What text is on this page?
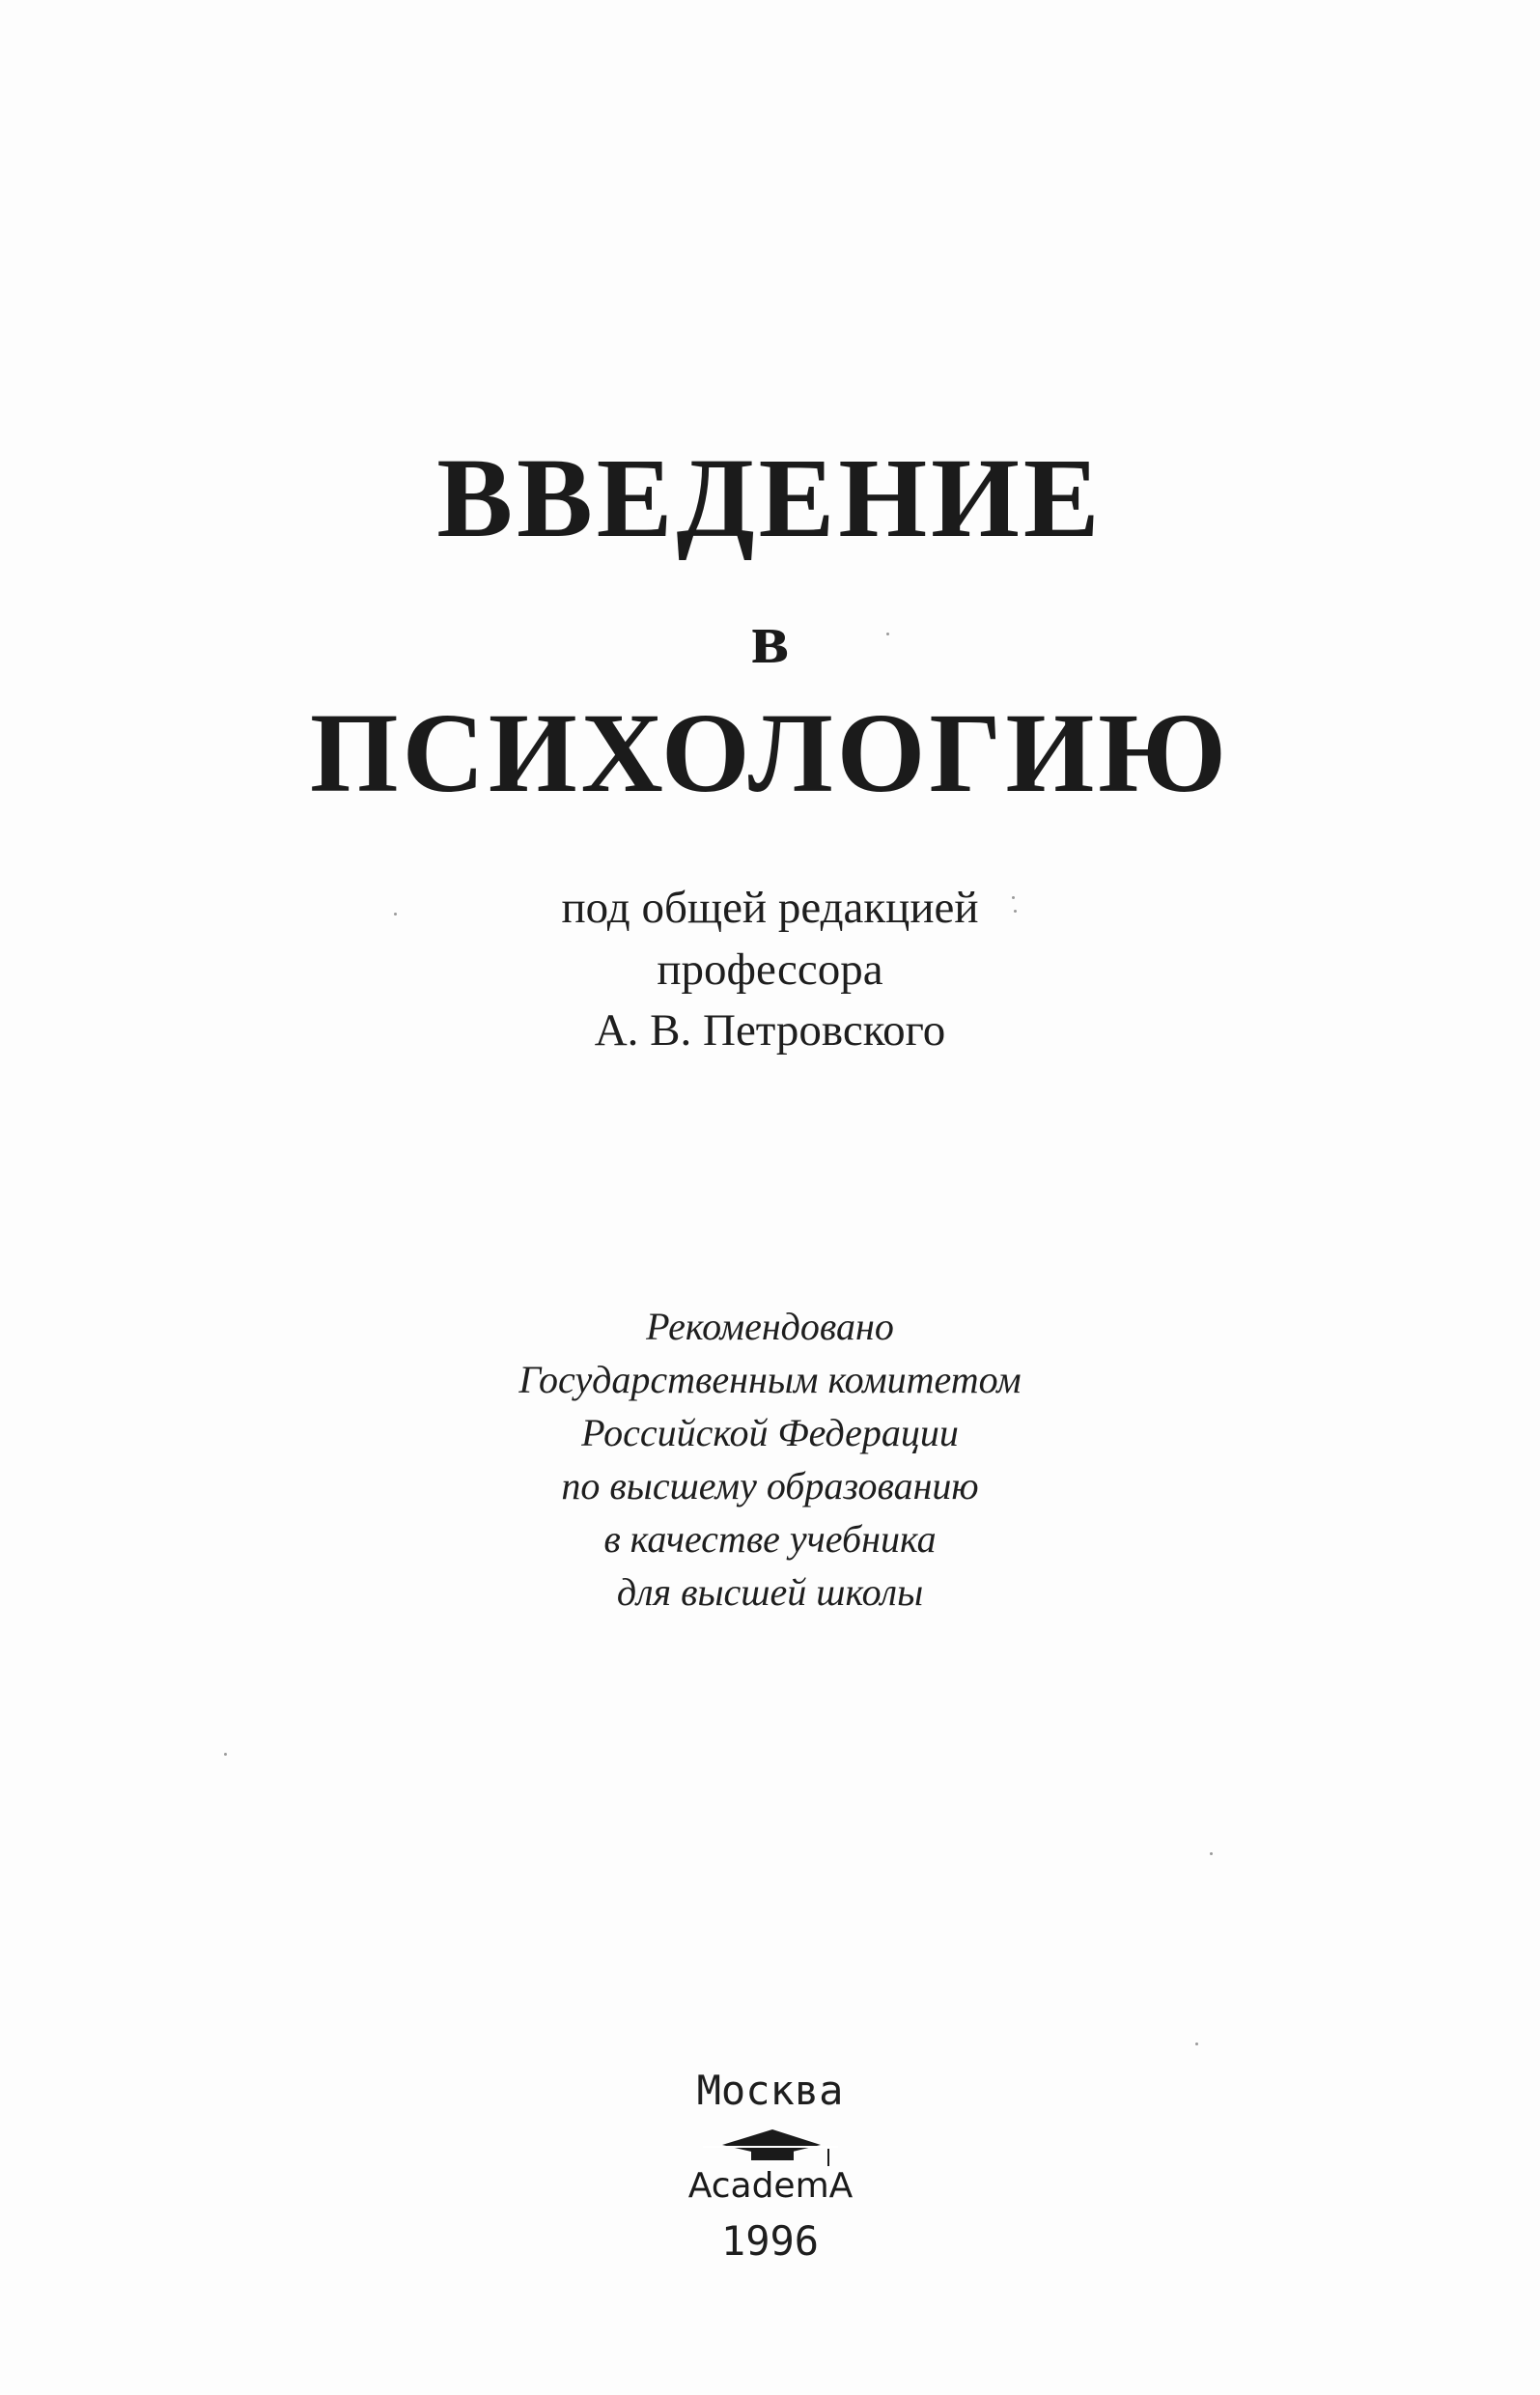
ВВЕДЕНИЕ
в
ПСИХОЛОГИЮ
под общей редакцией
профессора
А. В. Петровского
Рекомендовано
Государственным комитетом
Российской Федерации
по высшему образованию
в качестве учебника
для высшей школы
Москва
AcademA
1996
